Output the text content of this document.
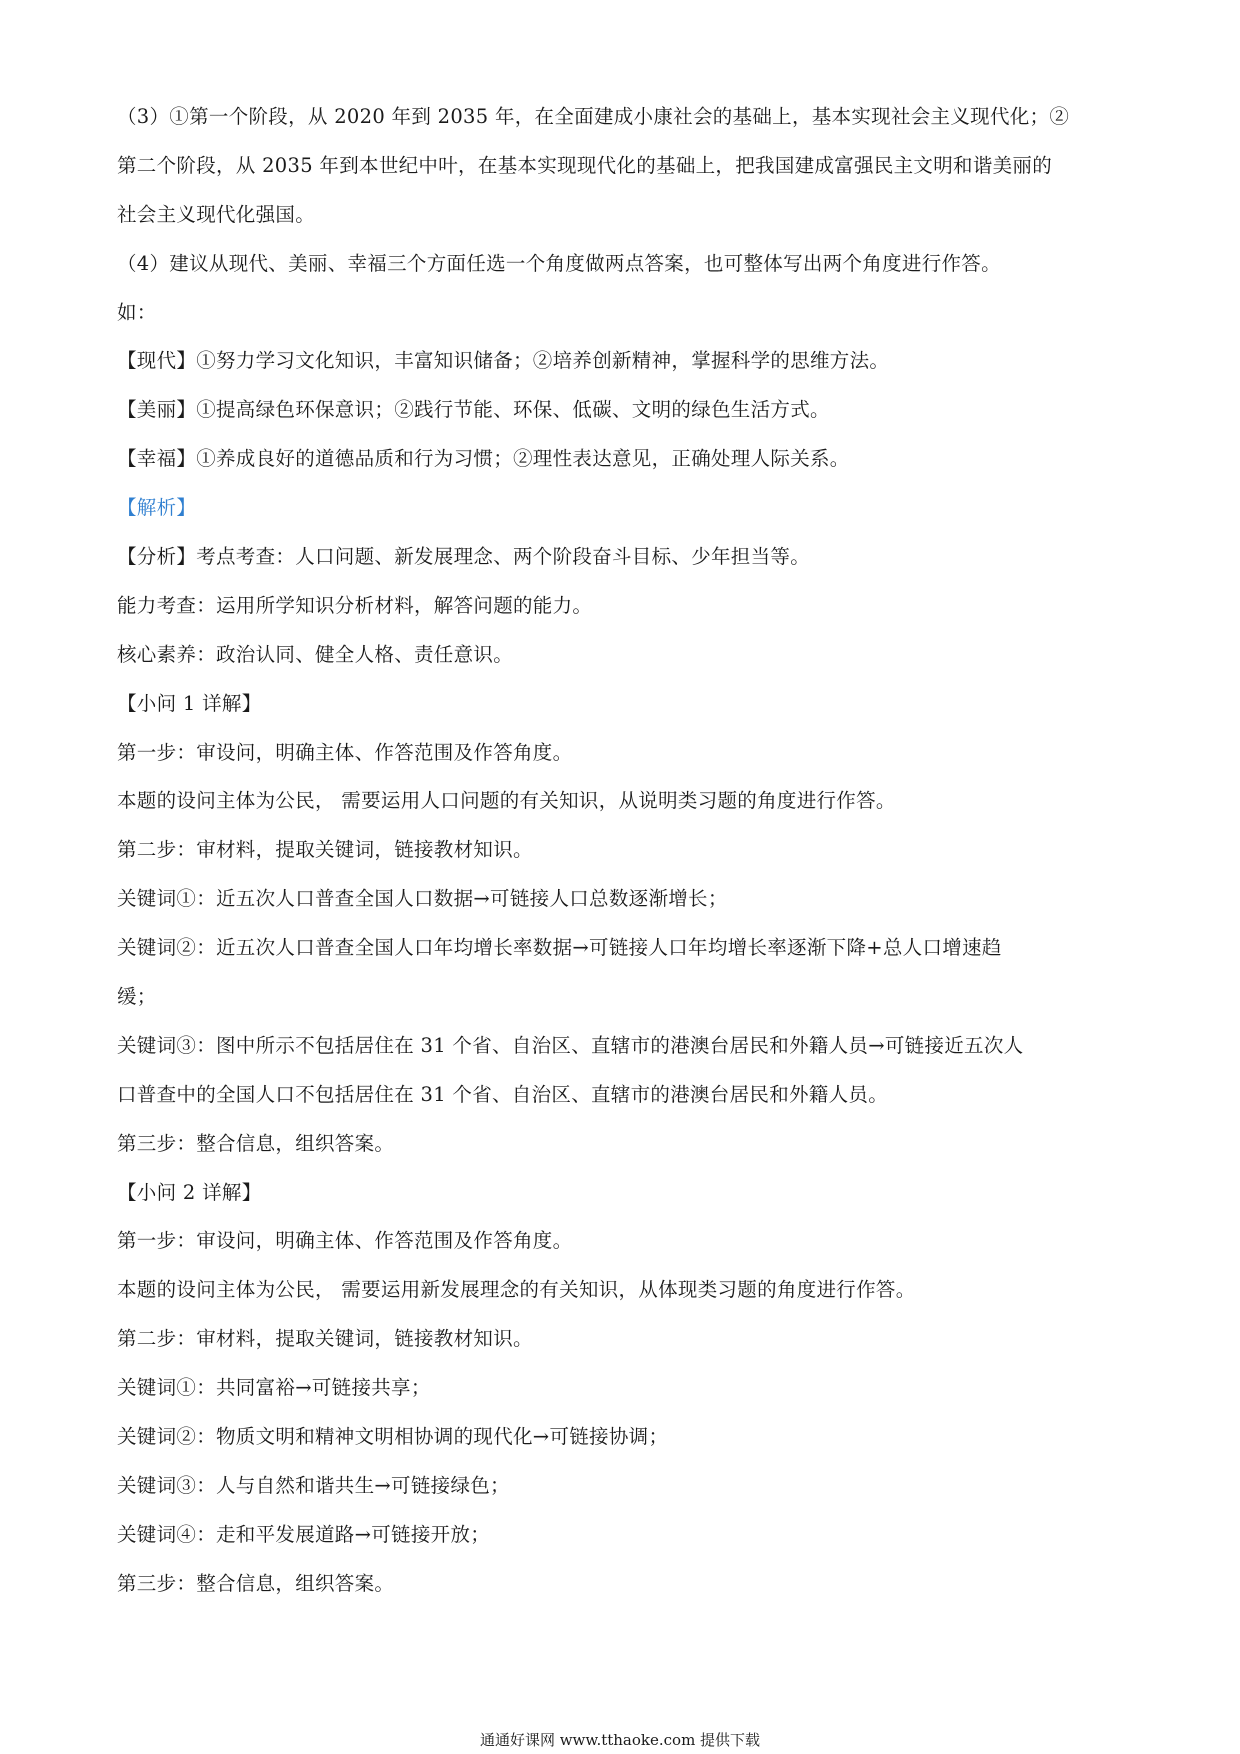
（3）①第一个阶段，从 2020 年到 2035 年，在全面建成小康社会的基础上，基本实现社会主义现代化；②
第二个阶段，从 2035 年到本世纪中叶，在基本实现现代化的基础上，把我国建成富强民主文明和谐美丽的
社会主义现代化强国。
（4）建议从现代、美丽、幸福三个方面任选一个角度做两点答案，也可整体写出两个角度进行作答。
如：
【现代】①努力学习文化知识，丰富知识储备；②培养创新精神，掌握科学的思维方法。
【美丽】①提高绿色环保意识；②践行节能、环保、低碳、文明的绿色生活方式。
【幸福】①养成良好的道德品质和行为习惯；②理性表达意见，正确处理人际关系。
【解析】
【分析】考点考查：人口问题、新发展理念、两个阶段奋斗目标、少年担当等。
能力考查：运用所学知识分析材料，解答问题的能力。
核心素养：政治认同、健全人格、责任意识。
【小问 1 详解】
第一步：审设问，明确主体、作答范围及作答角度。
本题的设问主体为公民， 需要运用人口问题的有关知识，从说明类习题的角度进行作答。
第二步：审材料，提取关键词，链接教材知识。
关键词①：近五次人口普查全国人口数据→可链接人口总数逐渐增长；
关键词②：近五次人口普查全国人口年均增长率数据→可链接人口年均增长率逐渐下降+总人口增速趋
缓；
关键词③：图中所示不包括居住在 31 个省、自治区、直辖市的港澳台居民和外籍人员→可链接近五次人
口普查中的全国人口不包括居住在 31 个省、自治区、直辖市的港澳台居民和外籍人员。
第三步：整合信息，组织答案。
【小问 2 详解】
第一步：审设问，明确主体、作答范围及作答角度。
本题的设问主体为公民， 需要运用新发展理念的有关知识，从体现类习题的角度进行作答。
第二步：审材料，提取关键词，链接教材知识。
关键词①：共同富裕→可链接共享；
关键词②：物质文明和精神文明相协调的现代化→可链接协调；
关键词③：人与自然和谐共生→可链接绿色；
关键词④：走和平发展道路→可链接开放；
第三步：整合信息，组织答案。
通通好课网 www.tthaoke.com 提供下载
